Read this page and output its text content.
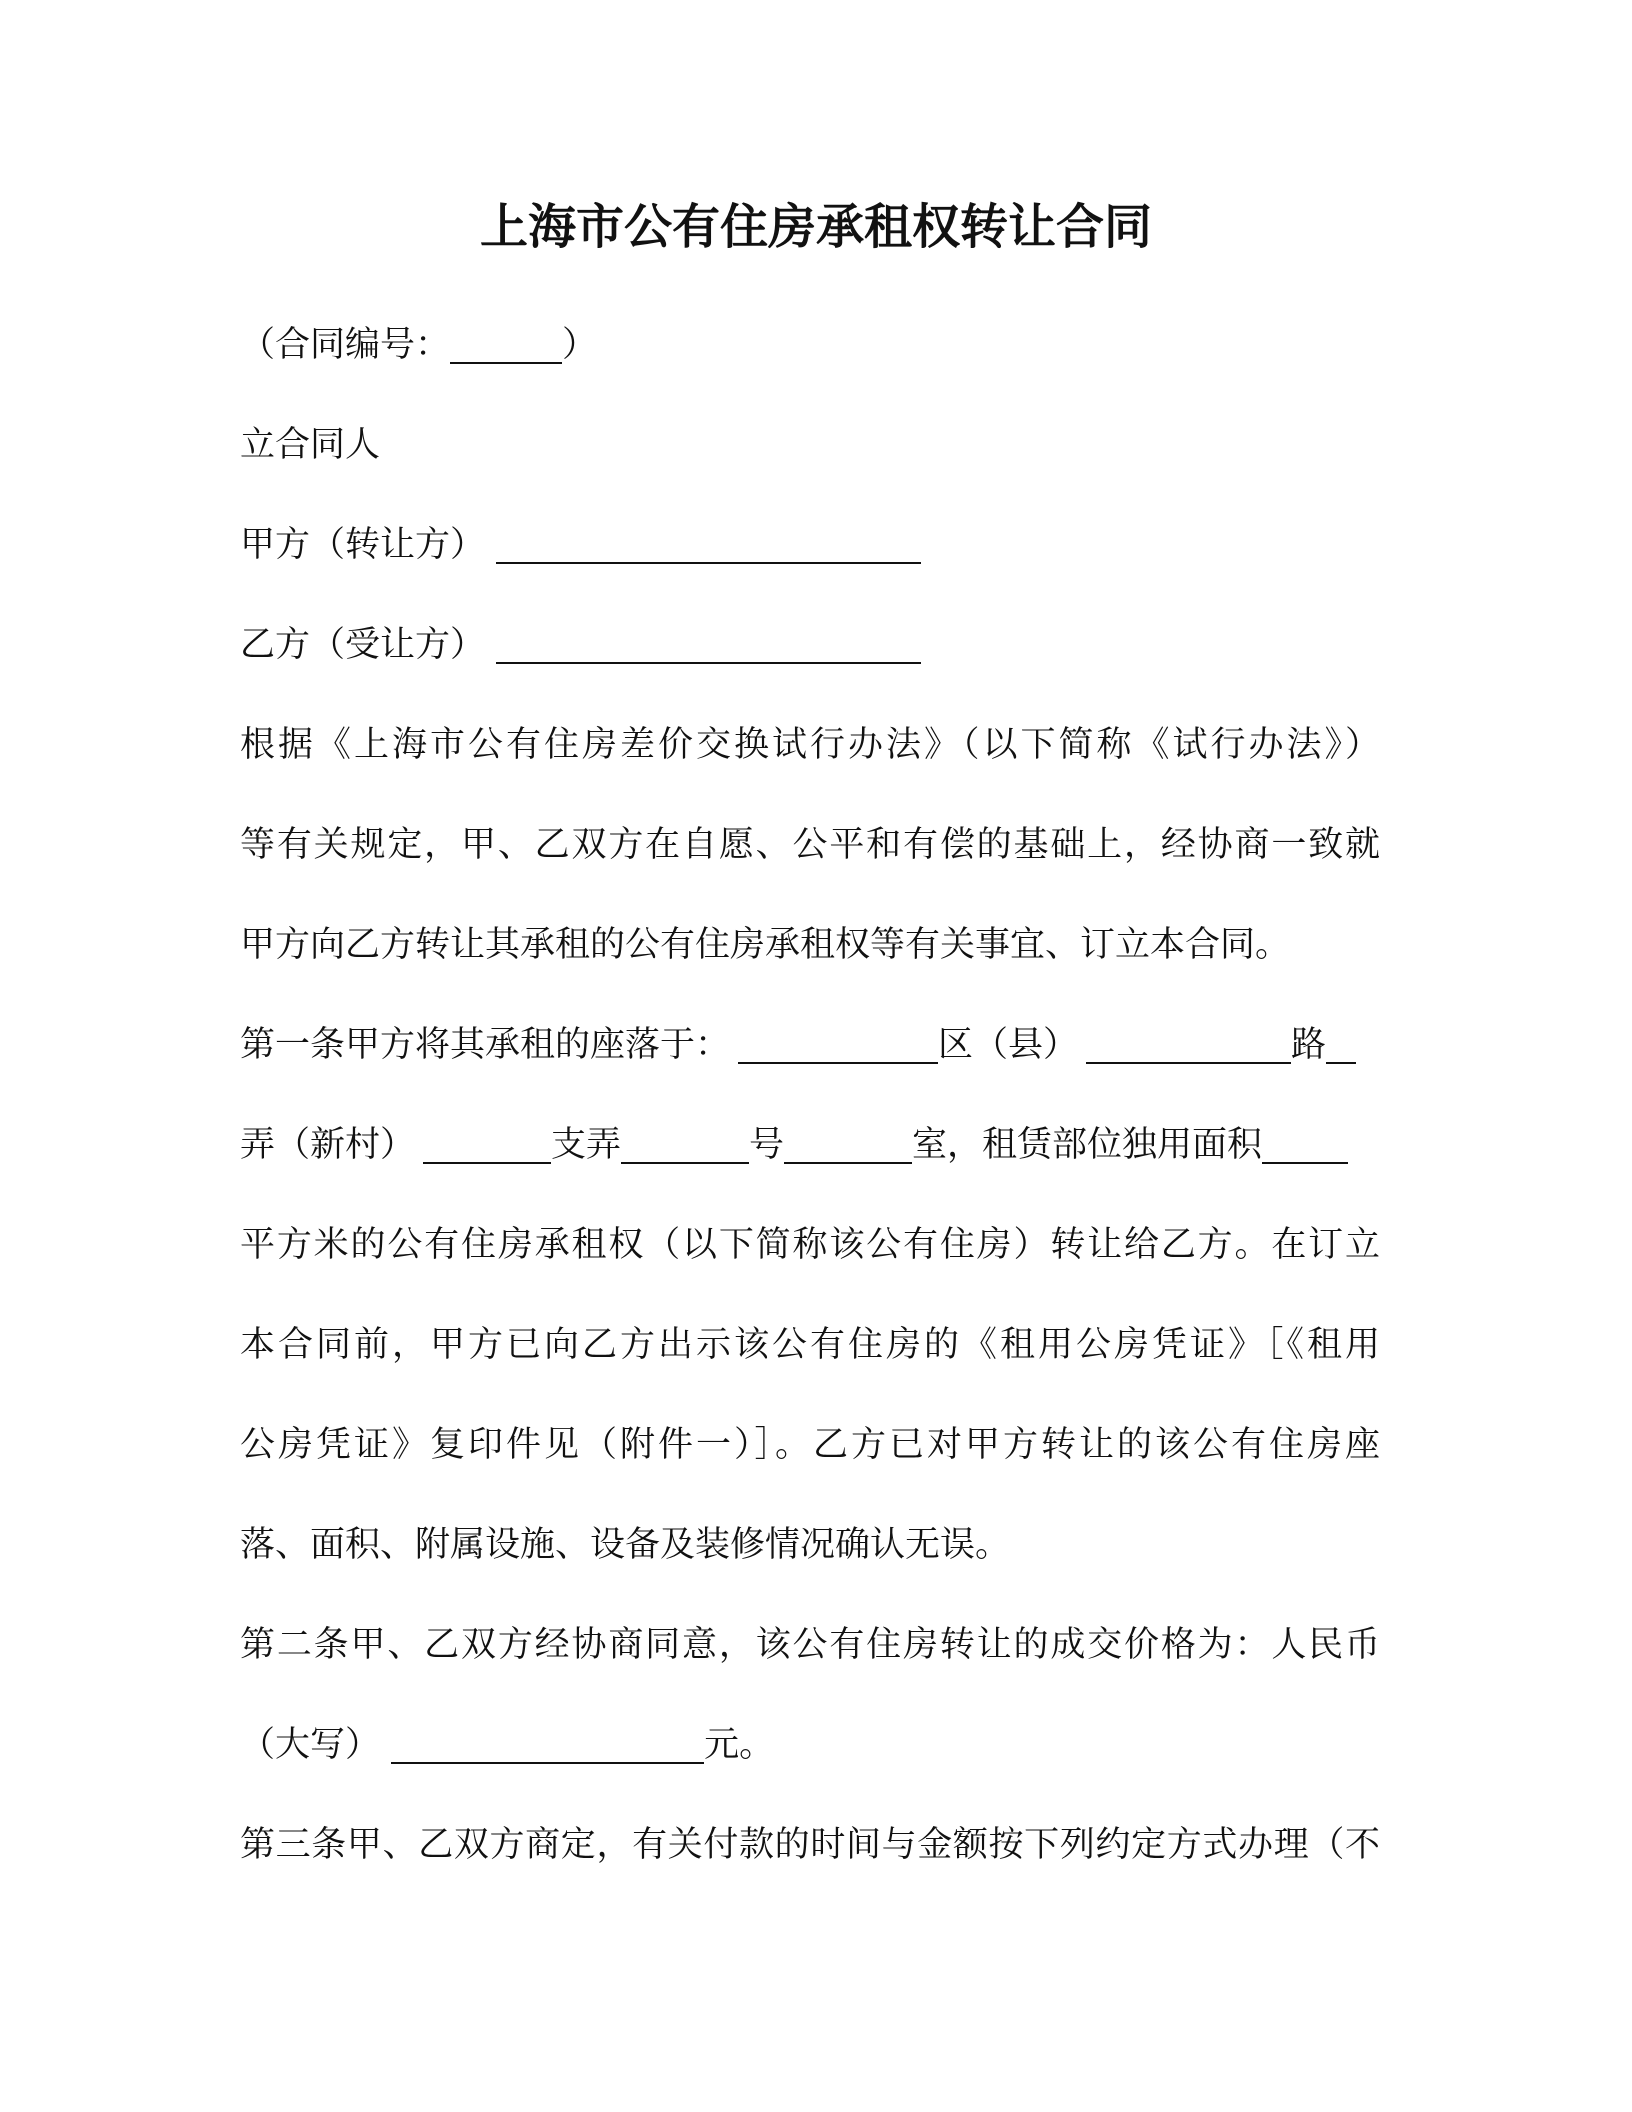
上海市公有住房承租权转让合同
（合同编号：	）
立合同人
甲方（转让方）
乙方（受让方）
根据《上海市公有住房差价交换试行办法》（以下简称《试行办法》）
等有关规定，甲、乙双方在自愿、公平和有偿的基础上，经协商一致就
甲方向乙方转让其承租的公有住房承租权等有关事宜、订立本合同。
第一条甲方将其承租的座落于：	区（县）	路
弄（新村）	支弄	号	室，租赁部位独用面积
平方米的公有住房承租权（以下简称该公有住房）转让给乙方。在订立
本合同前，甲方已向乙方出示该公有住房的《租用公房凭证》［《租用
公房凭证》复印件见（附件一）］。乙方已对甲方转让的该公有住房座
落、面积、附属设施、设备及装修情况确认无误。
第二条甲、乙双方经协商同意，该公有住房转让的成交价格为：人民币
（大写）	元。
第三条甲、乙双方商定，有关付款的时间与金额按下列约定方式办理（不
